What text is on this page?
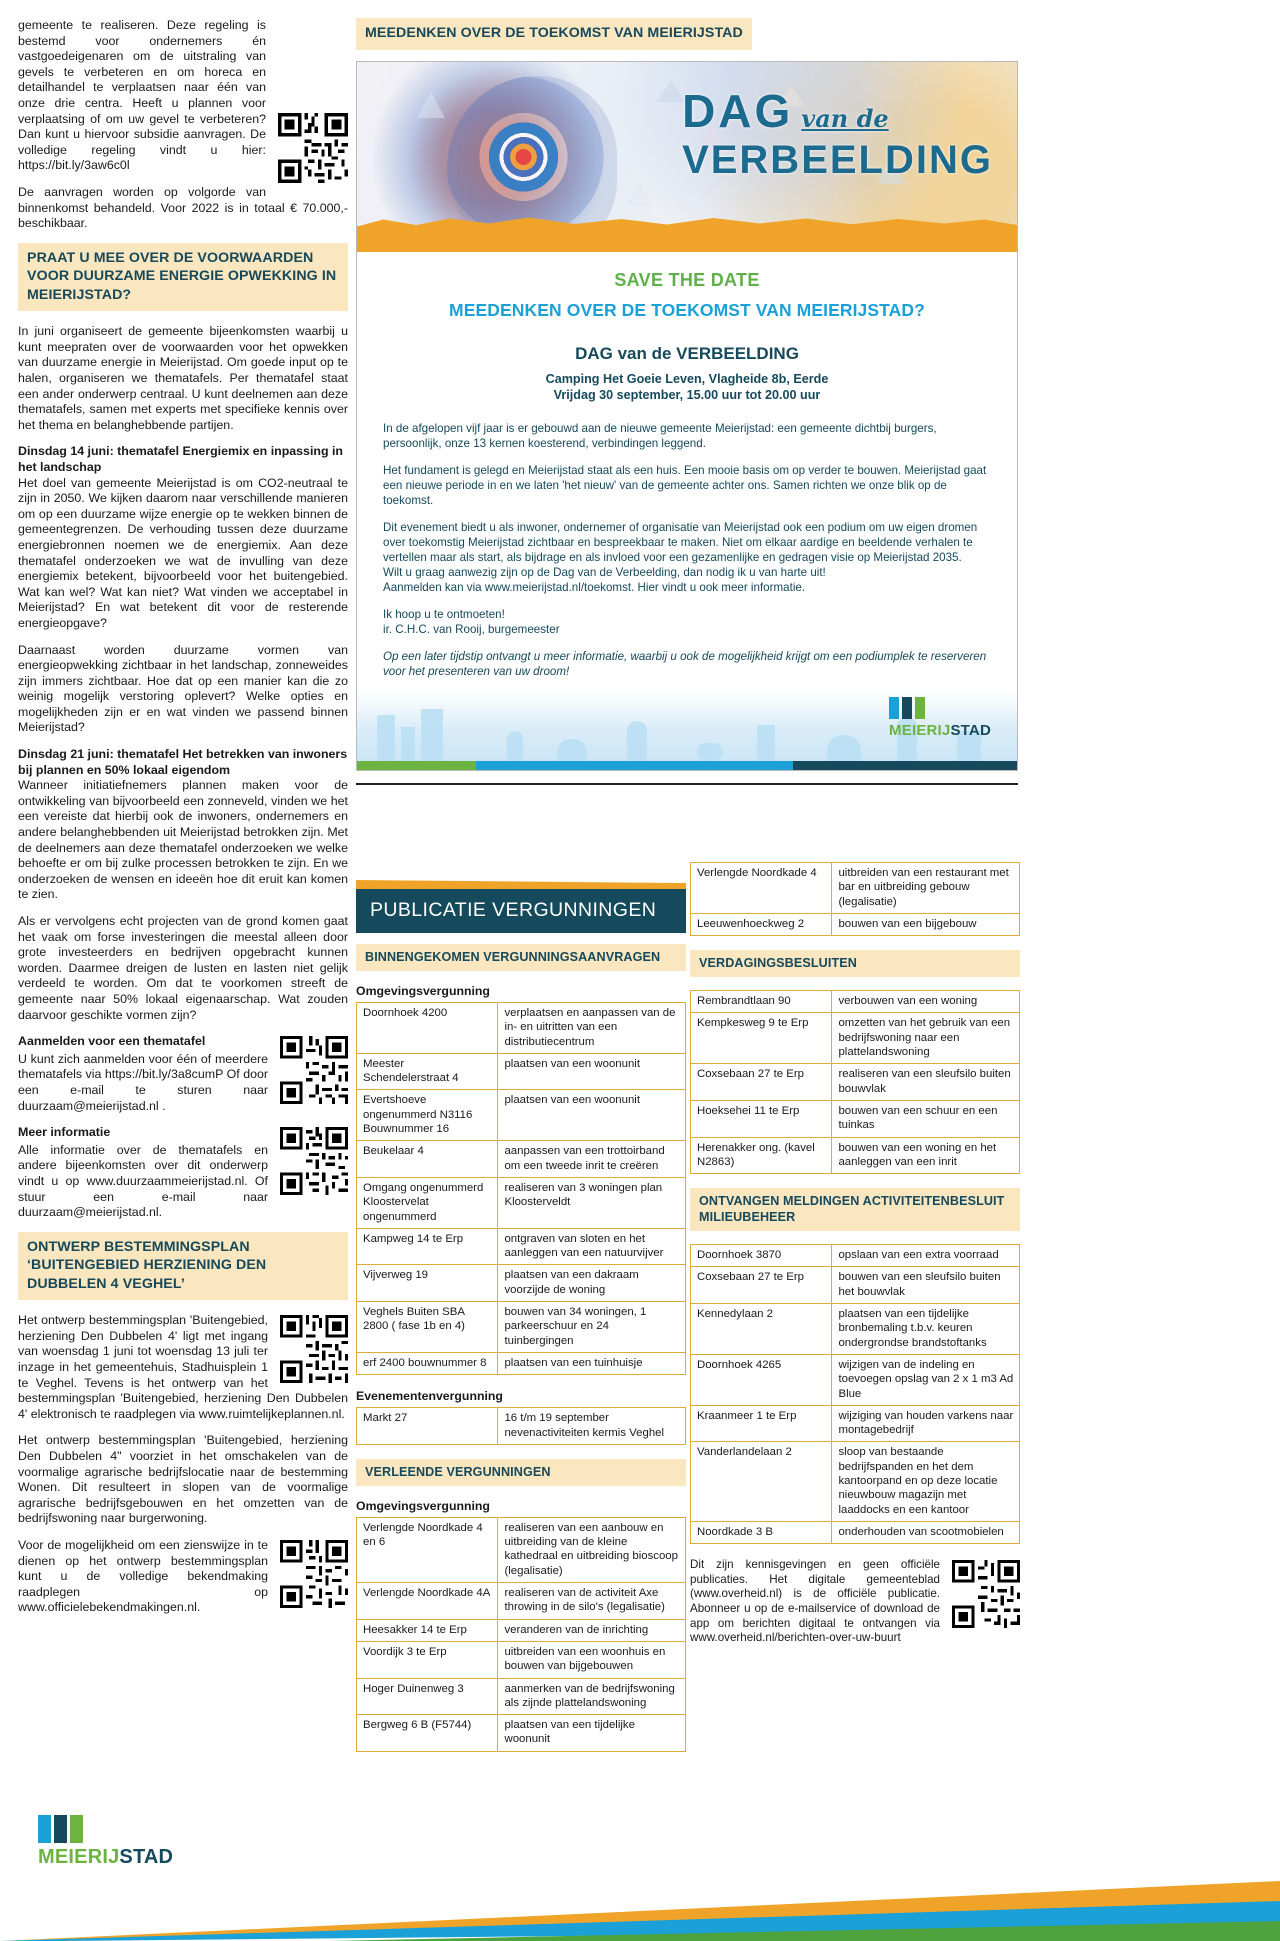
gemeente te realiseren. Deze regeling is bestemd voor ondernemers én vastgoedeigenaren om de uitstraling van gevels te verbeteren en om horeca en detailhandel te verplaatsen naar één van onze drie centra. Heeft u plannen voor verplaatsing of om uw gevel te verbeteren? Dan kunt u hiervoor subsidie aanvragen. De volledige regeling vindt u hier: https://bit.ly/3aw6c0l

De aanvragen worden op volgorde van binnenkomst behandeld. Voor 2022 is in totaal € 70.000,- beschikbaar.

PRAAT U MEE OVER DE VOORWAARDEN VOOR DUURZAME ENERGIE OPWEKKING IN MEIERIJSTAD?

In juni organiseert de gemeente bijeenkomsten waarbij u kunt meepraten over de voorwaarden voor het opwekken van duurzame energie in Meierijstad. Om goede input op te halen, organiseren we thematafels. Per thematafel staat een ander onderwerp centraal. U kunt deelnemen aan deze thematafels, samen met experts met specifieke kennis over het thema en belanghebbende partijen.

Dinsdag 14 juni: thematafel Energiemix en inpassing in het landschap

Het doel van gemeente Meierijstad is om CO2-neutraal te zijn in 2050. We kijken daarom naar verschillende manieren om op een duurzame wijze energie op te wekken binnen de gemeentegrenzen. De verhouding tussen deze duurzame energiebronnen noemen we de energiemix. Aan deze thematafel onderzoeken we wat de invulling van deze energiemix betekent, bijvoorbeeld voor het buitengebied. Wat kan wel? Wat kan niet? Wat vinden we acceptabel in Meierijstad? En wat betekent dit voor de resterende energieopgave?

Daarnaast worden duurzame vormen van energieopwekking zichtbaar in het landschap, zonneweides zijn immers zichtbaar. Hoe dat op een manier kan die zo weinig mogelijk verstoring oplevert? Welke opties en mogelijkheden zijn er en wat vinden we passend binnen Meierijstad?

Dinsdag 21 juni: thematafel Het betrekken van inwoners bij plannen en 50% lokaal eigendom

Wanneer initiatiefnemers plannen maken voor de ontwikkeling van bijvoorbeeld een zonneveld, vinden we het een vereiste dat hierbij ook de inwoners, ondernemers en andere belanghebbenden uit Meierijstad betrokken zijn. Met de deelnemers aan deze thematafel onderzoeken we welke behoefte er om bij zulke processen betrokken te zijn. En we onderzoeken de wensen en ideeën hoe dit eruit kan komen te zien.

Als er vervolgens echt projecten van de grond komen gaat het vaak om forse investeringen die meestal alleen door grote investeerders en bedrijven opgebracht kunnen worden. Daarmee dreigen de lusten en lasten niet gelijk verdeeld te worden. Om dat te voorkomen streeft de gemeente naar 50% lokaal eigenaarschap. Wat zouden daarvoor geschikte vormen zijn?

Aanmelden voor een thematafel

U kunt zich aanmelden voor één of meerdere thematafels via https://bit.ly/3a8cumP Of door een e-mail te sturen naar duurzaam@meierijstad.nl .

Meer informatie

Alle informatie over de thematafels en andere bijeenkomsten over dit onderwerp vindt u op www.duurzaammeierijstad.nl. Of stuur een e-mail naar duurzaam@meierijstad.nl.

ONTWERP BESTEMMINGSPLAN ‘BUITENGEBIED HERZIENING DEN DUBBELEN 4 VEGHEL’

Het ontwerp bestemmingsplan 'Buitengebied, herziening Den Dubbelen 4' ligt met ingang van woensdag 1 juni tot woensdag 13 juli ter inzage in het gemeentehuis, Stadhuisplein 1 te Veghel. Tevens is het ontwerp van het bestemmingsplan 'Buitengebied, herziening Den Dubbelen 4' elektronisch te raadplegen via www.ruimtelijkeplannen.nl.

Het ontwerp bestemmingsplan 'Buitengebied, herziening Den Dubbelen 4" voorziet in het omschakelen van de voormalige agrarische bedrijfslocatie naar de bestemming Wonen. Dit resulteert in slopen van de voormalige agrarische bedrijfsgebouwen en het omzetten van de bedrijfswoning naar burgerwoning.

Voor de mogelijkheid om een zienswijze in te dienen op het ontwerp bestemmingsplan kunt u de volledige bekendmaking raadplegen op www.officielebekendmakingen.nl.

MEEDENKEN OVER DE TOEKOMST VAN MEIERIJSTAD
DAG van de
VERBEELDING
SAVE THE DATE
MEEDENKEN OVER DE TOEKOMST VAN MEIERIJSTAD?
DAG van de VERBEELDING
Camping Het Goeie Leven, Vlagheide 8b, Eerde
Vrijdag 30 september, 15.00 uur tot 20.00 uur

In de afgelopen vijf jaar is er gebouwd aan de nieuwe gemeente Meierijstad: een gemeente dichtbij burgers, persoonlijk, onze 13 kernen koesterend, verbindingen leggend.

Het fundament is gelegd en Meierijstad staat als een huis. Een mooie basis om op verder te bouwen. Meierijstad gaat een nieuwe periode in en we laten 'het nieuw' van de gemeente achter ons. Samen richten we onze blik op de toekomst.

Dit evenement biedt u als inwoner, ondernemer of organisatie van Meierijstad ook een podium om uw eigen dromen over toekomstig Meierijstad zichtbaar en bespreekbaar te maken. Niet om elkaar aardige en beeldende verhalen te vertellen maar als start, als bijdrage en als invloed voor een gezamenlijke en gedragen visie op Meierijstad 2035.

Wilt u graag aanwezig zijn op de Dag van de Verbeelding, dan nodig ik u van harte uit!

Aanmelden kan via www.meierijstad.nl/toekomst. Hier vindt u ook meer informatie.

Ik hoop u te ontmoeten!

ir. C.H.C. van Rooij, burgemeester

Op een later tijdstip ontvangt u meer informatie, waarbij u ook de mogelijkheid krijgt om een podiumplek te reserveren voor het presenteren van uw droom!

MEIERIJSTAD
PUBLICATIE VERGUNNINGEN
BINNENGEKOMEN VERGUNNINGSAANVRAGEN
Omgevingsvergunning
Doornhoek 4200	verplaatsen en aanpassen van de in- en uitritten van een distributiecentrum
Meester Schendelerstraat 4	plaatsen van een woonunit
Evertshoeve ongenummerd N3116 Bouwnummer 16	plaatsen van een woonunit
Beukelaar 4	aanpassen van een trottoirband om een tweede inrit te creëren
Omgang ongenummerd Kloostervelat ongenummerd	realiseren van 3 woningen plan Kloosterveldt
Kampweg 14 te Erp	ontgraven van sloten en het aanleggen van een natuurvijver
Vijverweg 19	plaatsen van een dakraam voorzijde de woning
Veghels Buiten SBA 2800 ( fase 1b en 4)	bouwen van 34 woningen, 1 parkeerschuur en 24 tuinbergingen
erf 2400 bouwnummer 8	plaatsen van een tuinhuisje
Evenementenvergunning
Markt 27	16 t/m 19 september nevenactiviteiten kermis Veghel
VERLEENDE VERGUNNINGEN
Omgevingsvergunning
Verlengde Noordkade 4 en 6	realiseren van een aanbouw en uitbreiding van de kleine kathedraal en uitbreiding bioscoop (legalisatie)
Verlengde Noordkade 4A	realiseren van de activiteit Axe throwing in de silo's (legalisatie)
Heesakker 14 te Erp	veranderen van de inrichting
Voordijk 3 te Erp	uitbreiden van een woonhuis en bouwen van bijgebouwen
Hoger Duinenweg 3	aanmerken van de bedrijfswoning als zijnde plattelandswoning
Bergweg 6 B (F5744)	plaatsen van een tijdelijke woonunit
Verlengde Noordkade 4	uitbreiden van een restaurant met bar en uitbreiding gebouw (legalisatie)
Leeuwenhoeckweg 2	bouwen van een bijgebouw
VERDAGINGSBESLUITEN
Rembrandtlaan 90	verbouwen van een woning
Kempkesweg 9 te Erp	omzetten van het gebruik van een bedrijfswoning naar een plattelandswoning
Coxsebaan 27 te Erp	realiseren van een sleufsilo buiten bouwvlak
Hoeksehei 11 te Erp	bouwen van een schuur en een tuinkas
Herenakker ong. (kavel N2863)	bouwen van een woning en het aanleggen van een inrit
ONTVANGEN MELDINGEN ACTIVITEITENBESLUIT MILIEUBEHEER
Doornhoek 3870	opslaan van een extra voorraad
Coxsebaan 27 te Erp	bouwen van een sleufsilo buiten het bouwvlak
Kennedylaan 2	plaatsen van een tijdelijke bronbemaling t.b.v. keuren ondergrondse brandstoftanks
Doornhoek 4265	wijzigen van de indeling en toevoegen opslag van 2 x 1 m3 Ad Blue
Kraanmeer 1 te Erp	wijziging van houden varkens naar montagebedrijf
Vanderlandelaan 2	sloop van bestaande bedrijfspanden en het dem kantoorpand en op deze locatie nieuwbouw magazijn met laaddocks en een kantoor
Noordkade 3 B	onderhouden van scootmobielen

Dit zijn kennisgevingen en geen officiële publicaties. Het digitale gemeenteblad (www.overheid.nl) is de officiële publicatie. Abonneer u op de e-mailservice of download de app om berichten digitaal te ontvangen via www.overheid.nl/berichten-over-uw-buurt

MEIERIJSTAD
